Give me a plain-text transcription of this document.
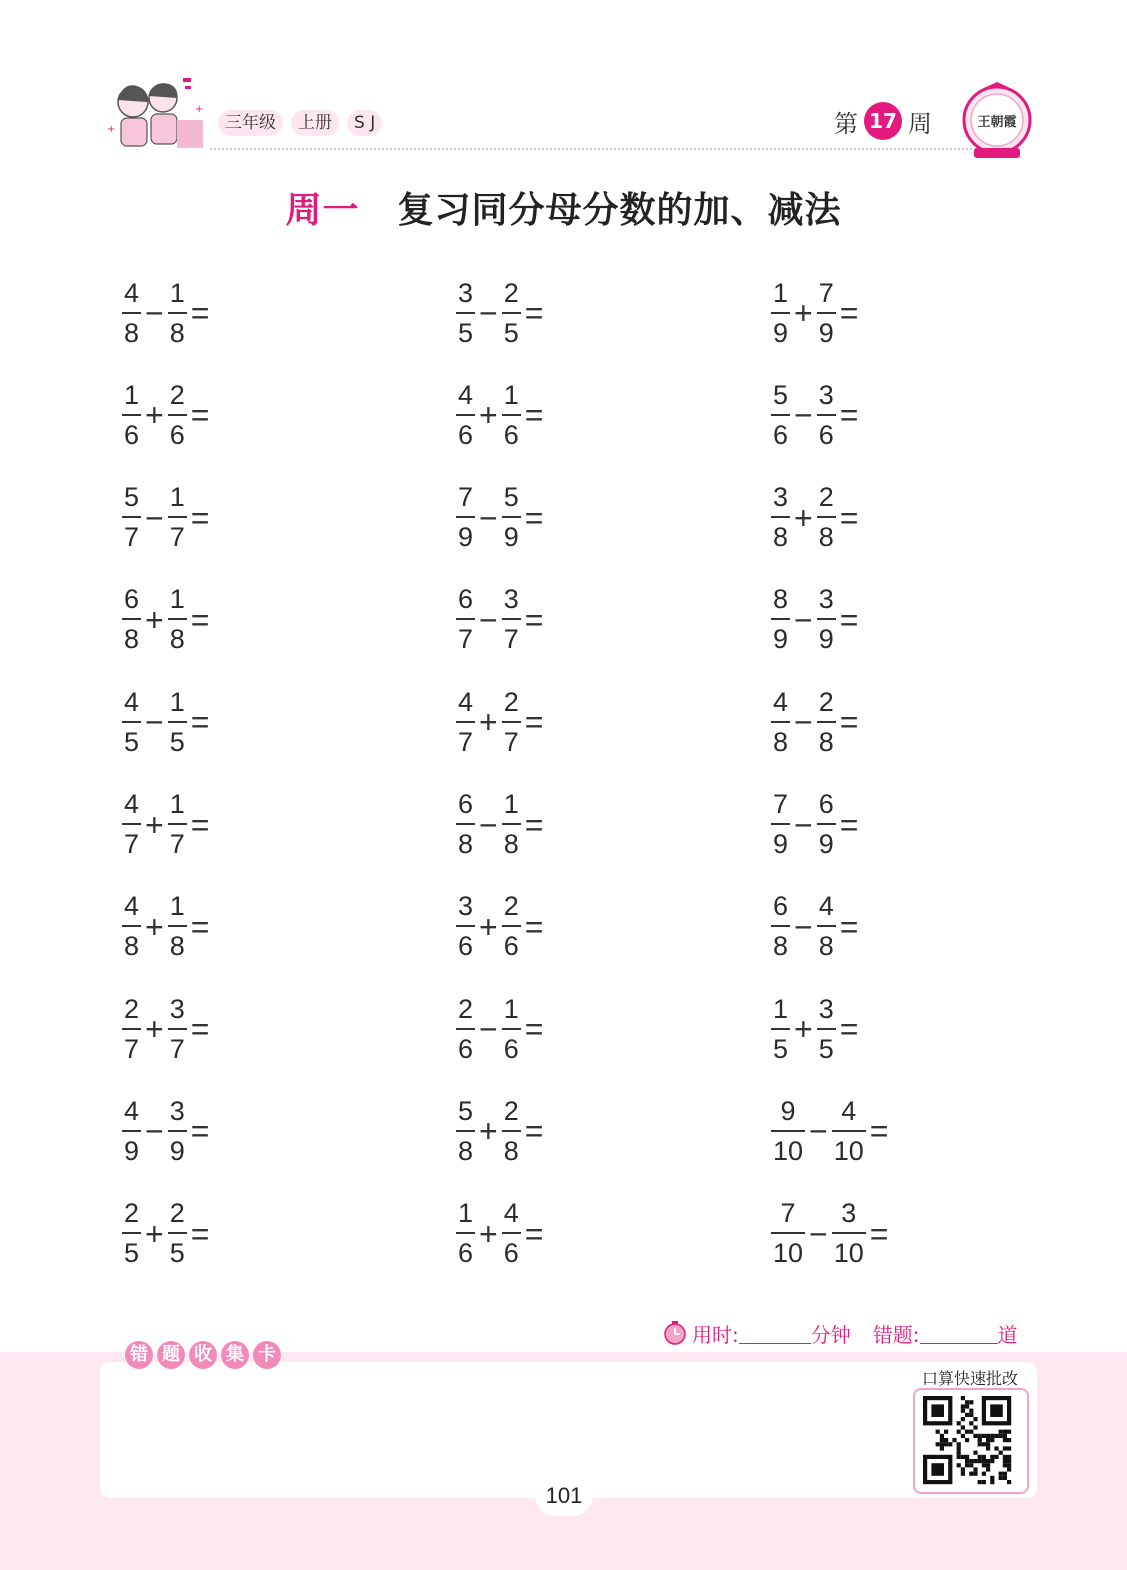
+
+
三年级	上册	S J	第 17 周	王朝霞
周一 复习同分母分数的加、减法
$\frac{4}{8} - \frac{1}{8}$ =	$\frac{3}{5} - \frac{2}{5}$ =	$\frac{1}{9} + \frac{7}{9}$ =
$\frac{1}{6} + \frac{2}{6}$ =	$\frac{4}{6} + \frac{1}{6}$ =	$\frac{5}{6} - \frac{3}{6}$ =
$\frac{5}{7} - \frac{1}{7}$ =	$\frac{7}{9} - \frac{5}{9}$ =	$\frac{3}{8} + \frac{2}{8}$ =
$\frac{6}{8} + \frac{1}{8}$ =	$\frac{6}{7} - \frac{3}{7}$ =	$\frac{8}{9} - \frac{3}{9}$ =
$\frac{4}{5} - \frac{1}{5}$ =	$\frac{4}{7} + \frac{2}{7}$ =	$\frac{4}{8} - \frac{2}{8}$ =
$\frac{4}{7} + \frac{1}{7}$ =	$\frac{6}{8} - \frac{1}{8}$ =	$\frac{7}{9} - \frac{6}{9}$ =
$\frac{4}{8} + \frac{1}{8}$ =	$\frac{3}{6} + \frac{2}{6}$ =	$\frac{6}{8} - \frac{4}{8}$ =
$\frac{2}{7} + \frac{3}{7}$ =	$\frac{2}{6} - \frac{1}{6}$ =	$\frac{1}{5} + \frac{3}{5}$ =
$\frac{4}{9} - \frac{3}{9}$ =	$\frac{5}{8} + \frac{2}{8}$ =	$\frac{9}{10} - \frac{4}{10}$ =
$\frac{2}{5} + \frac{2}{5}$ =	$\frac{1}{6} + \frac{4}{6}$ =	$\frac{7}{10} - \frac{3}{10}$ =
用时:	分钟 错题:	道
错 题 收 集 卡
口算快速批改
101
